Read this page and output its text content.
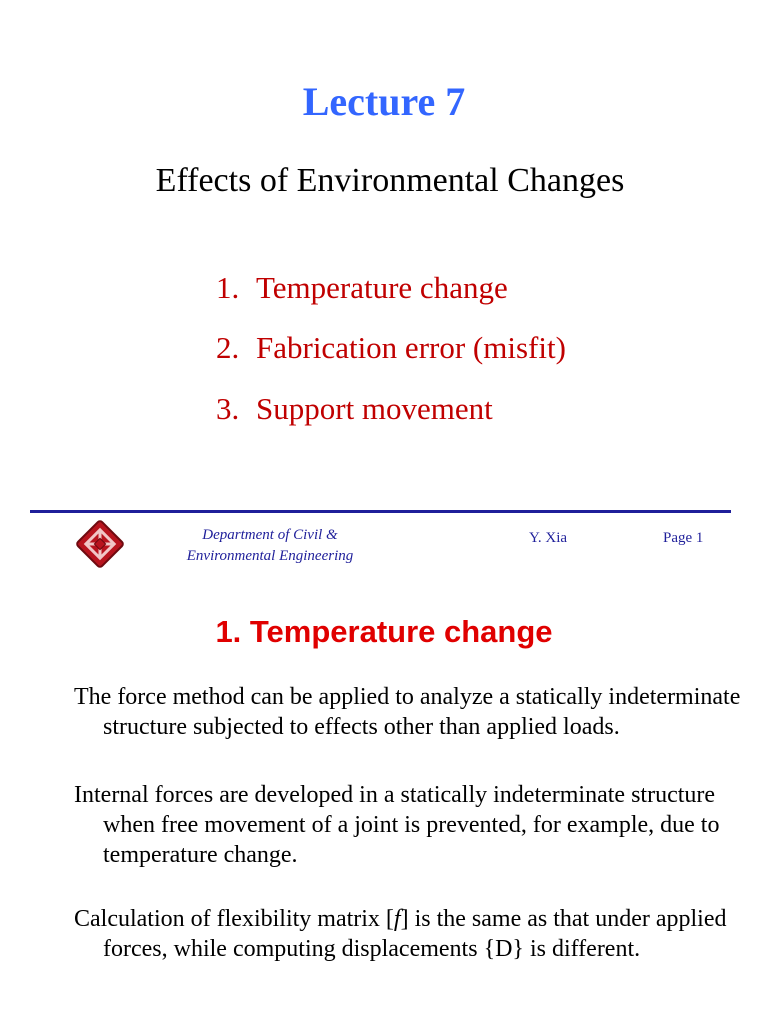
Lecture 7
Effects of Environmental Changes
1. Temperature change
2. Fabrication error (misfit)
3. Support movement
Department of Civil &
Environmental Engineering
Y. Xia	Page 1
1. Temperature change
The force method can be applied to analyze a statically indeterminate structure subjected to effects other than applied loads.
Internal forces are developed in a statically indeterminate structure when free movement of a joint is prevented, for example, due to temperature change.
Calculation of flexibility matrix [f] is the same as that under applied forces, while computing displacements {D} is different.
